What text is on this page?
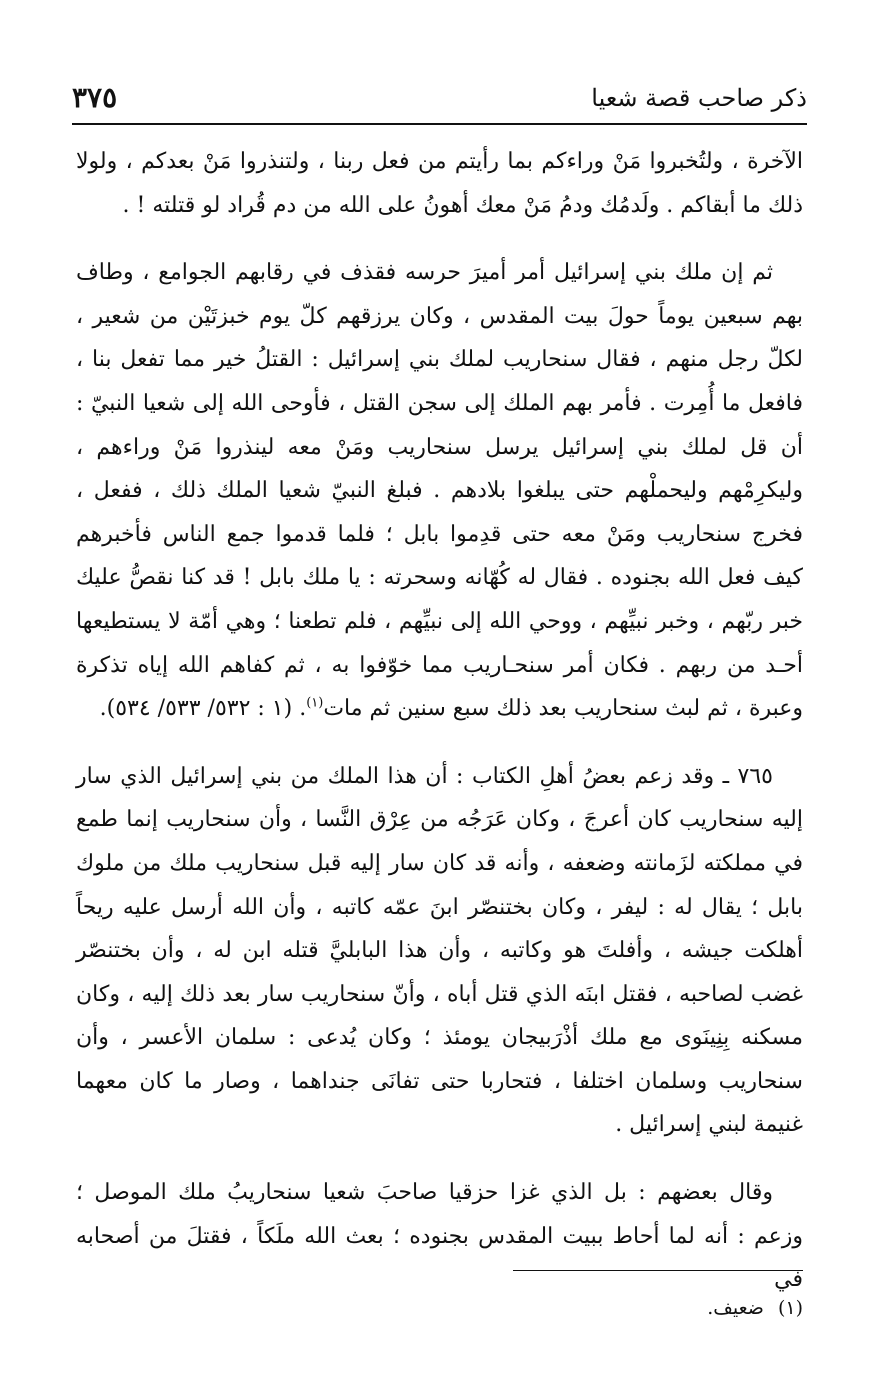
ذكر صاحب قصة شعيا
٣٧٥

الآخرة ، ولتُخبروا مَنْ وراءكم بما رأيتم من فعل ربنا ، ولتنذروا مَنْ بعدكم ، ولولا ذلك ما أبقاكم . ولَدمُك ودمُ مَنْ معك أهونُ على الله من دم قُراد لو قتلته ! .

ثم إن ملك بني إسرائيل أمر أميرَ حرسه فقذف في رقابهم الجوامع ، وطاف بهم سبعين يوماً حولَ بيت المقدس ، وكان يرزقهم كلّ يوم خبزتَيْن من شعير ، لكلّ رجل منهم ، فقال سنحاريب لملك بني إسرائيل : القتلُ خير مما تفعل بنا ، فافعل ما أُمِرت . فأمر بهم الملك إلى سجن القتل ، فأوحى الله إلى شعيا النبيّ : أن قل لملك بني إسرائيل يرسل سنحاريب ومَنْ معه لينذروا مَنْ وراءهم ، وليكرِمْهم وليحملْهم حتى يبلغوا بلادهم . فبلغ النبيّ شعيا الملك ذلك ، ففعل ، فخرج سنحاريب ومَنْ معه حتى قدِموا بابل ؛ فلما قدموا جمع الناس فأخبرهم كيف فعل الله بجنوده . فقال له كُهّانه وسحرته : يا ملك بابل ! قد كنا نقصُّ عليك خبر ربّهم ، وخبر نبيِّهم ، ووحي الله إلى نبيِّهم ، فلم تطعنا ؛ وهي أمّة لا يستطيعها أحـد من ربهم . فكان أمر سنحـاريب مما خوّفوا به ، ثم كفاهم الله إياه تذكرة وعبرة ، ثم لبث سنحاريب بعد ذلك سبع سنين ثم مات$^{(١)}$. (١ : ٥٣٢/ ٥٣٣/ ٥٣٤).

٧٦٥ ـ وقد زعم بعضُ أهلِ الكتاب : أن هذا الملك من بني إسرائيل الذي سار إليه سنحاريب كان أعرجَ ، وكان عَرَجُه من عِرْق النَّسا ، وأن سنحاريب إنما طمع في مملكته لزَمانته وضعفه ، وأنه قد كان سار إليه قبل سنحاريب ملك من ملوك بابل ؛ يقال له : ليفر ، وكان بختنصّر ابنَ عمّه كاتبه ، وأن الله أرسل عليه ريحاً أهلكت جيشه ، وأفلتَ هو وكاتبه ، وأن هذا البابليَّ قتله ابن له ، وأن بختنصّر غضب لصاحبه ، فقتل ابنَه الذي قتل أباه ، وأنّ سنحاريب سار بعد ذلك إليه ، وكان مسكنه بِنِينَوى مع ملك أذْرَبيجان يومئذ ؛ وكان يُدعى : سلمان الأعسر ، وأن سنحاريب وسلمان اختلفا ، فتحاربا حتى تفانَى جنداهما ، وصار ما كان معهما غنيمة لبني إسرائيل .

وقال بعضهم : بل الذي غزا حزقيا صاحبَ شعيا سنحاريبُ ملك الموصل ؛ وزعم : أنه لما أحاط ببيت المقدس بجنوده ؛ بعث الله ملَكاً ، فقتلَ من أصحابه في

(١)ضعيف.
